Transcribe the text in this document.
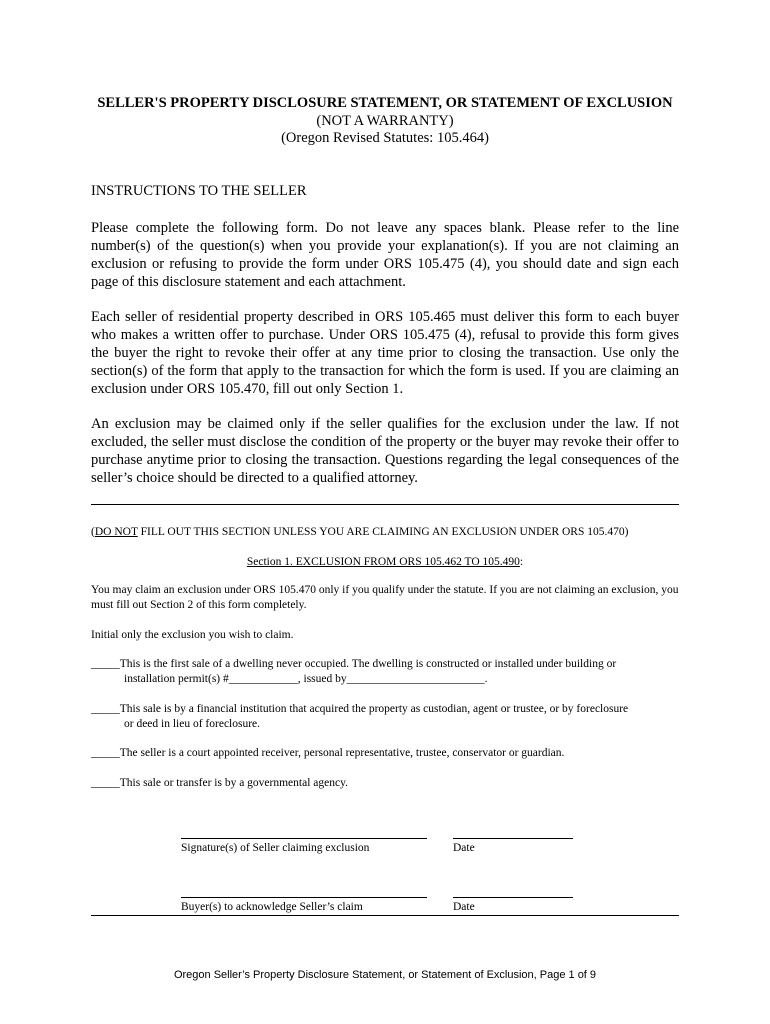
SELLER'S PROPERTY DISCLOSURE STATEMENT, OR STATEMENT OF EXCLUSION
(NOT A WARRANTY)
(Oregon Revised Statutes: 105.464)
INSTRUCTIONS TO THE SELLER
Please complete the following form. Do not leave any spaces blank. Please refer to the line number(s) of the question(s) when you provide your explanation(s). If you are not claiming an exclusion or refusing to provide the form under ORS 105.475 (4), you should date and sign each page of this disclosure statement and each attachment.
Each seller of residential property described in ORS 105.465 must deliver this form to each buyer who makes a written offer to purchase. Under ORS 105.475 (4), refusal to provide this form gives the buyer the right to revoke their offer at any time prior to closing the transaction. Use only the section(s) of the form that apply to the transaction for which the form is used. If you are claiming an exclusion under ORS 105.470, fill out only Section 1.
An exclusion may be claimed only if the seller qualifies for the exclusion under the law. If not excluded, the seller must disclose the condition of the property or the buyer may revoke their offer to purchase anytime prior to closing the transaction. Questions regarding the legal consequences of the seller’s choice should be directed to a qualified attorney.
(DO NOT FILL OUT THIS SECTION UNLESS YOU ARE CLAIMING AN EXCLUSION UNDER ORS 105.470)
Section 1. EXCLUSION FROM ORS 105.462 TO 105.490:
You may claim an exclusion under ORS 105.470 only if you qualify under the statute. If you are not claiming an exclusion, you must fill out Section 2 of this form completely.
Initial only the exclusion you wish to claim.
_____This is the first sale of a dwelling never occupied. The dwelling is constructed or installed under building or
installation permit(s) #____________, issued by________________________.
_____This sale is by a financial institution that acquired the property as custodian, agent or trustee, or by foreclosure
or deed in lieu of foreclosure.
_____The seller is a court appointed receiver, personal representative, trustee, conservator or guardian.
_____This sale or transfer is by a governmental agency.
Signature(s) of Seller claiming exclusion	Date
Buyer(s) to acknowledge Seller’s claim	Date
Oregon Seller’s Property Disclosure Statement, or Statement of Exclusion, Page 1 of 9
